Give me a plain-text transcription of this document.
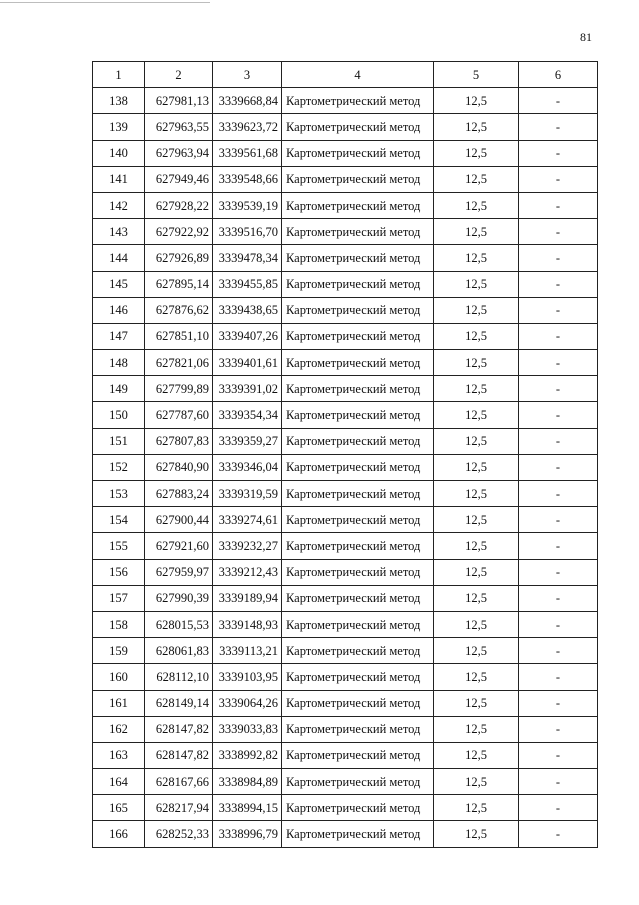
81
1	2	3	4	5	6
138	627981,13	3339668,84	Картометрический метод	12,5	-
139	627963,55	3339623,72	Картометрический метод	12,5	-
140	627963,94	3339561,68	Картометрический метод	12,5	-
141	627949,46	3339548,66	Картометрический метод	12,5	-
142	627928,22	3339539,19	Картометрический метод	12,5	-
143	627922,92	3339516,70	Картометрический метод	12,5	-
144	627926,89	3339478,34	Картометрический метод	12,5	-
145	627895,14	3339455,85	Картометрический метод	12,5	-
146	627876,62	3339438,65	Картометрический метод	12,5	-
147	627851,10	3339407,26	Картометрический метод	12,5	-
148	627821,06	3339401,61	Картометрический метод	12,5	-
149	627799,89	3339391,02	Картометрический метод	12,5	-
150	627787,60	3339354,34	Картометрический метод	12,5	-
151	627807,83	3339359,27	Картометрический метод	12,5	-
152	627840,90	3339346,04	Картометрический метод	12,5	-
153	627883,24	3339319,59	Картометрический метод	12,5	-
154	627900,44	3339274,61	Картометрический метод	12,5	-
155	627921,60	3339232,27	Картометрический метод	12,5	-
156	627959,97	3339212,43	Картометрический метод	12,5	-
157	627990,39	3339189,94	Картометрический метод	12,5	-
158	628015,53	3339148,93	Картометрический метод	12,5	-
159	628061,83	3339113,21	Картометрический метод	12,5	-
160	628112,10	3339103,95	Картометрический метод	12,5	-
161	628149,14	3339064,26	Картометрический метод	12,5	-
162	628147,82	3339033,83	Картометрический метод	12,5	-
163	628147,82	3338992,82	Картометрический метод	12,5	-
164	628167,66	3338984,89	Картометрический метод	12,5	-
165	628217,94	3338994,15	Картометрический метод	12,5	-
166	628252,33	3338996,79	Картометрический метод	12,5	-
